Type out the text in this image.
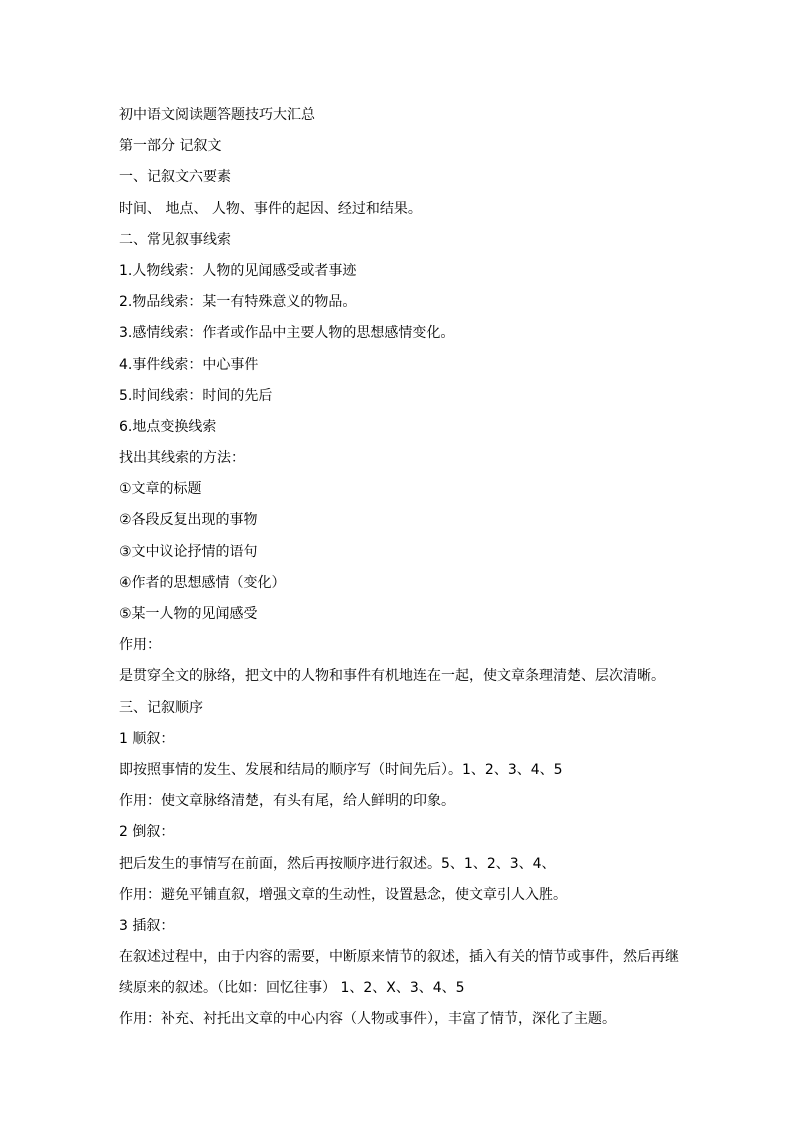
初中语文阅读题答题技巧大汇总
第一部分 记叙文
一、记叙文六要素
时间、 地点、 人物、事件的起因、经过和结果。
二、常见叙事线索
1.人物线索：人物的见闻感受或者事迹
2.物品线索：某一有特殊意义的物品。
3.感情线索：作者或作品中主要人物的思想感情变化。
4.事件线索：中心事件
5.时间线索：时间的先后
6.地点变换线索
找出其线索的方法：
①文章的标题
②各段反复出现的事物
③文中议论抒情的语句
④作者的思想感情（变化）
⑤某一人物的见闻感受
作用：
是贯穿全文的脉络，把文中的人物和事件有机地连在一起，使文章条理清楚、层次清晰。
三、记叙顺序
1 顺叙：
即按照事情的发生、发展和结局的顺序写（时间先后）。1、2、3、4、5
作用：使文章脉络清楚，有头有尾，给人鲜明的印象。
2 倒叙：
把后发生的事情写在前面，然后再按顺序进行叙述。5、1、2、3、4、
作用：避免平铺直叙，增强文章的生动性，设置悬念，使文章引人入胜。
3 插叙：
在叙述过程中，由于内容的需要，中断原来情节的叙述，插入有关的情节或事件，然后再继
续原来的叙述。（比如：回忆往事） 1、2、X、3、4、5
作用：补充、衬托出文章的中心内容（人物或事件），丰富了情节，深化了主题。
